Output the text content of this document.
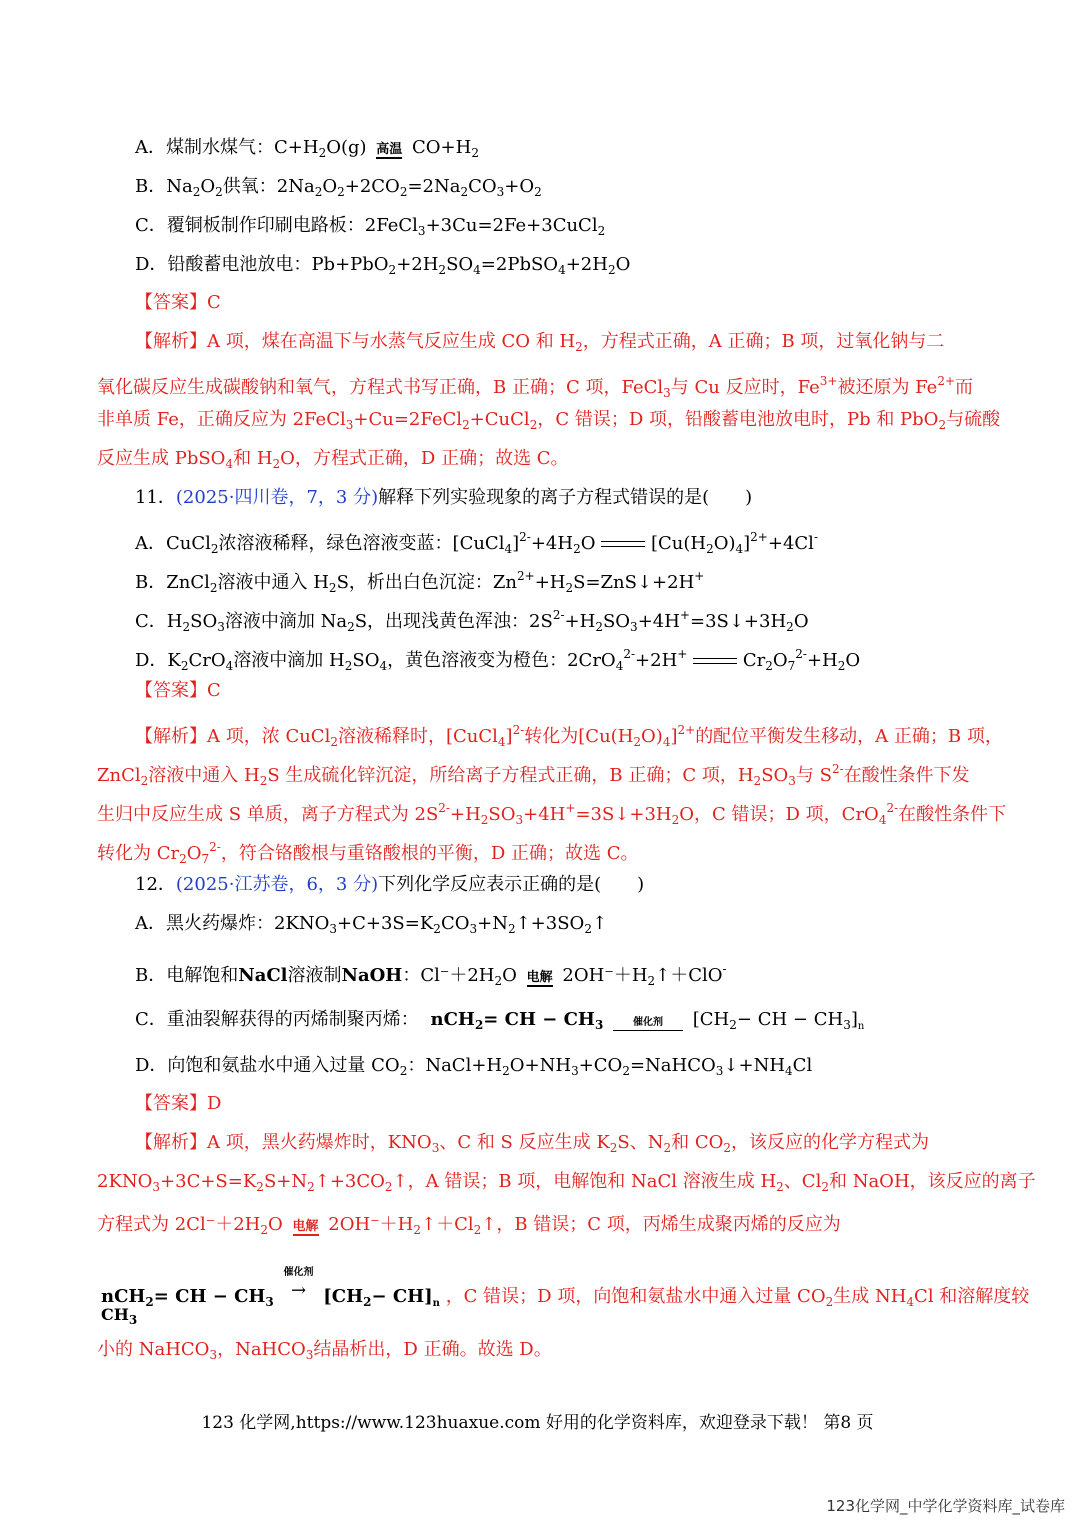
A．煤制水煤气：$C+H_2O(g)$ 高温 $CO+H_2$
B．$Na_2O_2$供氧：$2Na_2O_2+2CO_2=2Na_2CO_3+O_2$
C．覆铜板制作印刷电路板：2FeCl$_3$+3Cu=2Fe+3CuCl$_2$
D．铅酸蓄电池放电：$Pb+PbO_2+2H_2SO_4=2PbSO_4+2H_2O$
【答案】C
【解析】A 项，煤在高温下与水蒸气反应生成 CO 和 $H_2$，方程式正确，A 正确；B 项，过氧化钠与二
氧化碳反应生成碳酸钠和氧气，方程式书写正确，B 正确；C 项，FeCl$_3$与 Cu 反应时，$Fe^{3+}$被还原为 $Fe^{2+}$而
非单质 Fe，正确反应为 2FeCl$_3$+Cu=2FeCl$_2$+CuCl$_2$，C 错误；D 项，铅酸蓄电池放电时，Pb 和 PbO$_2$与硫酸
反应生成 PbSO$_4$和 $H_2O$，方程式正确，D 正确；故选 C。
11．(2025·四川卷，7，3 分)解释下列实验现象的离子方程式错误的是(　　)
A．CuCl$_2$浓溶液稀释，绿色溶液变蓝：$[CuCl_4]^{2-}+4H_2O$	$[Cu(H_2O)_4]^{2+}+4Cl^-$
B．ZnCl$_2$溶液中通入 $H_2S$，析出白色沉淀：$Zn^{2+}+H_2S=ZnS↓+2H^+$
C．$H_2SO_3$溶液中滴加 $Na_2S$，出现浅黄色浑浊：$2S^{2-}+H_2SO_3+4H^+=3S↓+3H_2O$
D．$K_2CrO_4$溶液中滴加 $H_2SO_4$，黄色溶液变为橙色：2CrO$_4^{2-}$+2H+	$Cr_2O_7^{2-}+H_2O$
【答案】C
【解析】A 项，浓 CuCl$_2$溶液稀释时，[CuCl$_4$]$^{2-}$转化为$[Cu(H_2O)_4]^{2+}$的配位平衡发生移动，A 正确；B 项，
ZnCl$_2$溶液中通入 $H_2S$ 生成硫化锌沉淀，所给离子方程式正确，B 正确；C 项，$H_2SO_3$与 $S^{2-}$在酸性条件下发
生归中反应生成 S 单质，离子方程式为 $2S^{2-}+H_2SO_3+4H^+=3S↓+3H_2O$，C 错误；D 项，CrO$_4^{2-}$在酸性条件下
转化为 $Cr_2O_7^{2-}$，符合铬酸根与重铬酸根的平衡，D 正确；故选 C。
12．(2025·江苏卷，6，3 分)下列化学反应表示正确的是(　　)
A．黑火药爆炸：$2KNO_3+C+3S=K_2CO_3+N_2↑+3SO_2↑$
B．电解饱和NaCl溶液制NaOH：$Cl^-+2H_2O$ 电解 $2OH^-+H_2↑+ClO^-$
C．重油裂解获得的丙烯制聚丙烯： nCH$_2$= CH − $CH_3$	催化剂	[$CH_2-$ CH − $CH_3]_n$
D．向饱和氨盐水中通入过量 $CO_2$：$NaCl+H_2O+NH_3+CO_2=NaHCO_3↓+NH_4Cl$
【答案】D
【解析】A 项，黑火药爆炸时，$KNO_3$、C 和 S 反应生成 $K_2S$、$N_2$和 $CO_2$，该反应的化学方程式为
$2KNO_3+3C+S=K_2S+N_2↑+3CO_2↑$，A 错误；B 项，电解饱和 NaCl 溶液生成 $H_2$、$Cl_2$和 NaOH，该反应的离子
方程式为 $2Cl^-+2H_2O$ 电解 $2OH^-+H_2↑+Cl_2↑$，B 错误；C 项，丙烯生成聚丙烯的反应为
nCH$_2$= CH − $CH_3$
催化剂
→ $[CH_2- CH]_n$ ，C 错误；D 项，向饱和氨盐水中通入过量 $CO_2$生成 $NH_4Cl$ 和溶解度较
$CH_3$
小的 NaHCO$_3$，NaHCO$_3$结晶析出，D 正确。故选 D。
123 化学网,https://www.123huaxue.com 好用的化学资料库，欢迎登录下载！ 第8 页
123化学网_中学化学资料库_试卷库
